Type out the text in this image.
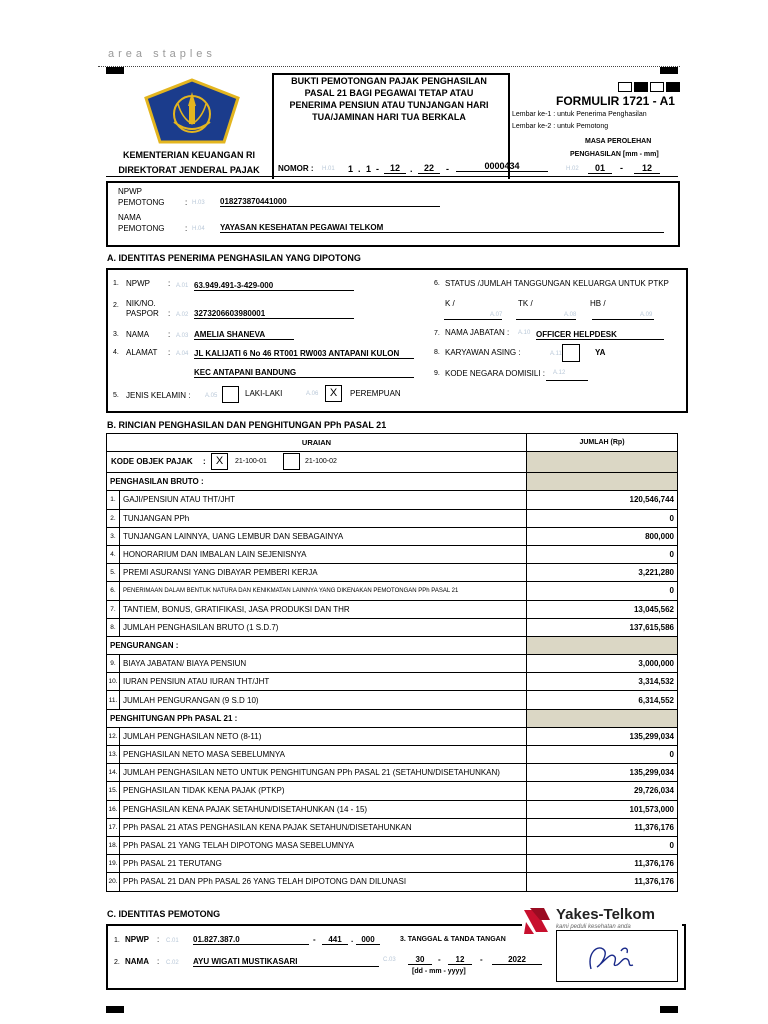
area staples
KEMENTERIAN KEUANGAN RI
DIREKTORAT JENDERAL PAJAK
BUKTI PEMOTONGAN PAJAK PENGHASILAN
PASAL 21 BAGI PEGAWAI TETAP ATAU
PENERIMA PENSIUN ATAU TUNJANGAN HARI
TUA/JAMINAN HARI TUA BERKALA
NOMOR : H.01 1 . 1 -	12	.	22	-	0000434
FORMULIR 1721 - A1
Lembar ke-1 : untuk Penerima Penghasilan
Lembar ke-2 : untuk Pemotong
MASA PEROLEHAN
PENGHASILAN [mm - mm]
H.02	01	-	12
NPWP
PEMOTONG	: H.03 018273870441000
NAMA
PEMOTONG	: H.04 YAYASAN KESEHATAN PEGAWAI TELKOM
A. IDENTITAS PENERIMA PENGHASILAN YANG DIPOTONG
1. NPWP : A.01 63.949.491-3-429-000
2. NIK/NO.
PASPOR : A.02 3273206603980001
3. NAMA : A.03 AMELIA SHANEVA
4. ALAMAT : A.04 JL KALIJATI 6 No 46 RT001 RW003 ANTAPANI KULON
KEC ANTAPANI BANDUNG
5. JENIS KELAMIN : A.05	LAKI-LAKI	A.06	X	PEREMPUAN
6. STATUS /JUMLAH TANGGUNGAN KELUARGA UNTUK PTKP
K /	TK /	HB /
A.07	A.08	A.09
7. NAMA JABATAN : A.10 OFFICER HELPDESK
8. KARYAWAN ASING :	A.11	YA
9. KODE NEGARA DOMISILI : A.12
B. RINCIAN PENGHASILAN DAN PENGHITUNGAN PPh PASAL 21
URAIAN		JUMLAH (Rp)

KODE OBJEK PAJAK : X 21-100-01 21-100-02		

PENGHASILAN BRUTO :		
1.	GAJI/PENSIUN ATAU THT/JHT	120,546,744
2.	TUNJANGAN PPh	0
3.	TUNJANGAN LAINNYA, UANG LEMBUR DAN SEBAGAINYA	800,000
4.	HONORARIUM DAN IMBALAN LAIN SEJENISNYA	0
5.	PREMI ASURANSI YANG DIBAYAR PEMBERI KERJA	3,221,280
6.	PENERIMAAN DALAM BENTUK NATURA DAN KENIKMATAN LAINNYA YANG DIKENAKAN PEMOTONGAN PPh PASAL 21	0
7.	TANTIEM, BONUS, GRATIFIKASI, JASA PRODUKSI DAN THR	13,045,562
8.	JUMLAH PENGHASILAN BRUTO (1 S.D.7)	137,615,586
PENGURANGAN :		
9.	BIAYA JABATAN/ BIAYA PENSIUN	3,000,000
10.	IURAN PENSIUN ATAU IURAN THT/JHT	3,314,532
11.	JUMLAH PENGURANGAN (9 S.D 10)	6,314,552
PENGHITUNGAN PPh PASAL 21 :		
12.	JUMLAH PENGHASILAN NETO (8-11)	135,299,034
13.	PENGHASILAN NETO MASA SEBELUMNYA	0
14.	JUMLAH PENGHASILAN NETO UNTUK PENGHITUNGAN PPh PASAL 21 (SETAHUN/DISETAHUNKAN)	135,299,034
15.	PENGHASILAN TIDAK KENA PAJAK (PTKP)	29,726,034
16.	PENGHASILAN KENA PAJAK SETAHUN/DISETAHUNKAN (14 - 15)	101,573,000
17.	PPh PASAL 21 ATAS PENGHASILAN KENA PAJAK SETAHUN/DISETAHUNKAN	11,376,176
18.	PPh PASAL 21 YANG TELAH DIPOTONG MASA SEBELUMNYA	0
19.	PPh PASAL 21 TERUTANG	11,376,176
20.	PPh PASAL 21 DAN PPh PASAL 26 YANG TELAH DIPOTONG DAN DILUNASI	11,376,176
C. IDENTITAS PEMOTONG	Yakes-Telkom
kami peduli kesehatan anda
1. NPWP : C.01 01.827.387.0	-	441	.	000	3. TANGGAL & TANDA TANGAN
2. NAMA : C.02 AYU WIGATI MUSTIKASARI	C.03	30	-	12	-	2022
[dd - mm - yyyy]
